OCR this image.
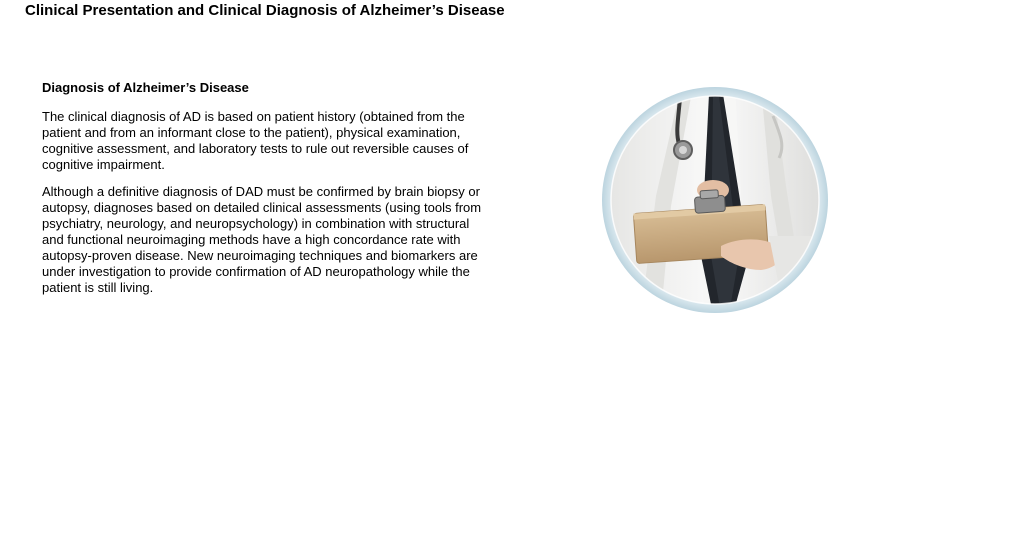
Clinical Presentation and Clinical Diagnosis of Alzheimer’s Disease
Diagnosis of Alzheimer’s Disease

The clinical diagnosis of AD is based on patient history (obtained from the patient and from an informant close to the patient), physical examination, cognitive assessment, and laboratory tests to rule out reversible causes of cognitive impairment.

Although a definitive diagnosis of DAD must be confirmed by brain biopsy or autopsy, diagnoses based on detailed clinical assessments (using tools from psychiatry, neurology, and neuropsychology) in combination with structural and functional neuroimaging methods have a high concordance rate with autopsy-proven disease. New neuroimaging techniques and biomarkers are under investigation to provide confirmation of AD neuropathology while the patient is still living.
